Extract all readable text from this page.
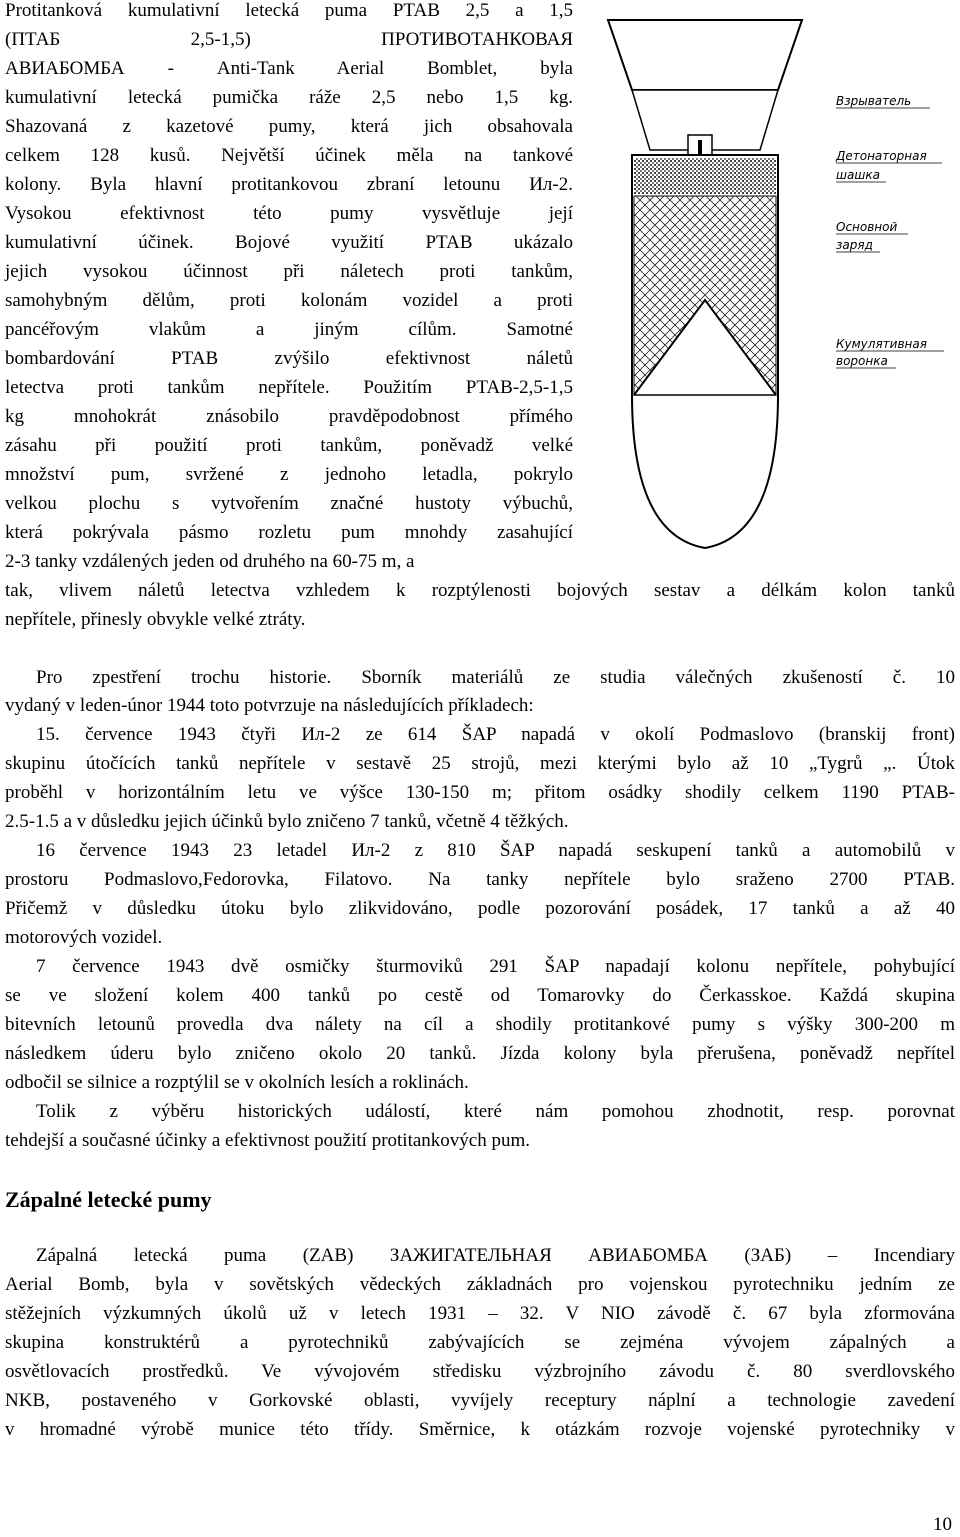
Protitanková kumulativní letecká puma PTAB 2,5 a 1,5
(ПТАБ 2,5-1,5) ПРОТИВОТАНКОВАЯ
АВИАБОМБА - Anti-Tank Aerial Bomblet, byla
kumulativní letecká pumička ráže 2,5 nebo 1,5 kg.
Shazovaná z kazetové pumy, která jich obsahovala
celkem 128 kusů. Největší účinek měla na tankové
kolony. Byla hlavní protitankovou zbraní letounu Ил-2.
Vysokou efektivnost této pumy vysvětluje její
kumulativní účinek. Bojové využití PTAB ukázalo
jejich vysokou účinnost při náletech proti tankům,
samohybným dělům, proti kolonám vozidel a proti
pancéřovým vlakům a jiným cílům. Samotné
bombardování PTAB zvýšilo efektivnost náletů
letectva proti tankům nepřítele. Použitím PTAB-2,5-1,5
kg mnohokrát znásobilo pravděpodobnost přímého
zásahu při použití proti tankům, poněvadž velké
množství pum, svržené z jednoho letadla, pokrylo
velkou plochu s vytvořením značné hustoty výbuchů,
která pokrývala pásmo rozletu pum mnohdy zasahující
2-3 tanky vzdálených jeden od druhého na 60-75 m, a
tak, vlivem náletů letectva vzhledem k rozptýlenosti bojových sestav a délkám kolon tanků
nepřítele, přinesly obvykle velké ztráty.
Взрыватель
Детонаторная
шашка
Основной
заряд
Кумулятивная
воронка
Pro zpestření trochu historie. Sborník materiálů ze studia válečných zkušeností č. 10
vydaný v leden-únor 1944 toto potvrzuje na následujících příkladech:
15. července 1943 čtyři Ил-2 ze 614 ŠAP napadá v okolí Podmaslovo (branskij front)
skupinu útočících tanků nepřítele v sestavě 25 strojů, mezi kterými bylo až 10 „Tygrů „. Útok
proběhl v horizontálním letu ve výšce 130-150 m; přitom osádky shodily celkem 1190 PTAB-
2.5-1.5 a v důsledku jejich účinků bylo zničeno 7 tanků, včetně 4 těžkých.
16 července 1943 23 letadel Ил-2 z 810 ŠAP napadá seskupení tanků a automobilů v
prostoru Podmaslovo,Fedorovka, Filatovo. Na tanky nepřítele bylo sraženo 2700 PTAB.
Přičemž v důsledku útoku bylo zlikvidováno, podle pozorování posádek, 17 tanků a až 40
motorových vozidel.
7 července 1943 dvě osmičky šturmoviků 291 ŠAP napadají kolonu nepřítele, pohybující
se ve složení kolem 400 tanků po cestě od Tomarovky do Čerkasskoe. Každá skupina
bitevních letounů provedla dva nálety na cíl a shodily protitankové pumy s výšky 300-200 m
následkem úderu bylo zničeno okolo 20 tanků. Jízda kolony byla přerušena, poněvadž nepřítel
odbočil se silnice a rozptýlil se v okolních lesích a roklinách.
Tolik z výběru historických událostí, které nám pomohou zhodnotit, resp. porovnat
tehdejší a současné účinky a efektivnost použití protitankových pum.
Zápalné letecké pumy
Zápalná letecká puma (ZAB) ЗАЖИГАТЕЛЬНАЯ АВИАБОМБА (ЗАБ) – Incendiary
Aerial Bomb, byla v sovětských vědeckých základnách pro vojenskou pyrotechniku jedním ze
stěžejních výzkumných úkolů už v letech 1931 – 32. V NIO závodě č. 67 byla zformována
skupina konstruktérů a pyrotechniků zabývajících se zejména vývojem zápalných a
osvětlovacích prostředků. Ve vývojovém středisku výzbrojního závodu č. 80 sverdlovského
NKB, postaveného v Gorkovské oblasti, vyvíjely receptury náplní a technologie zavedení
v hromadné výrobě munice této třídy. Směrnice, k otázkám rozvoje vojenské pyrotechniky v
10
